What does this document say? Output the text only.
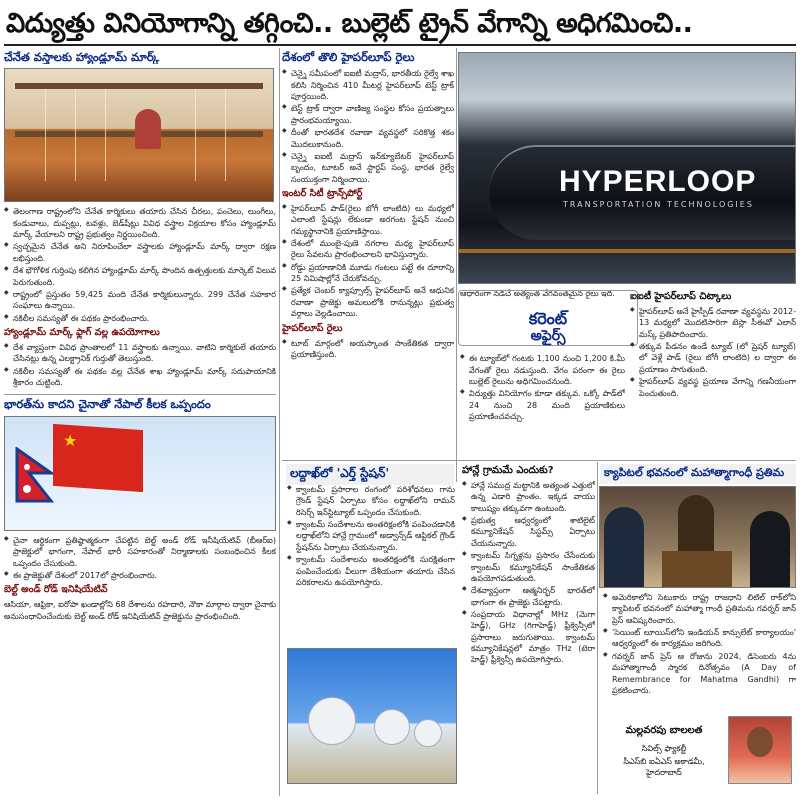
విద్యుత్తు వినియోగాన్ని తగ్గించి.. బుల్లెట్ ట్రైన్ వేగాన్ని అధిగమించి..
చేనేత వస్త్రాలకు హ్యాండ్లూమ్ మార్క్
◆ తెలంగాణ రాష్ట్రంలోని చేనేత కార్మికులు తయారు చేసిన చీరలు, పంచెలు, లుంగీలు, కండువాలు, దుప్పట్లు, టవళ్లు, బెడ్‌షీట్లు వివిధ వస్త్రాల విక్రయాల కోసం హ్యాండ్లూమ్ మార్క్ వేయాలని రాష్ట్ర ప్రభుత్వం నిర్ణయించింది.
◆ స్వచ్ఛమైన చేనేత అని నిరూపించేలా వస్త్రాలకు హ్యాండ్లూమ్ మార్క్ ద్వారా రక్షణ లభిస్తుంది.
◆ దేశ భౌగోళిక గుర్తింపు కలిగిన హ్యాండ్లూమ్ మార్క్ పొందిన ఉత్పత్తులకు మార్కెట్ విలువ పెరుగుతుంది.
◆ రాష్ట్రంలో ప్రస్తుతం 59,425 మంది చేనేత కార్మికులున్నారు. 299 చేనేత సహకార సంఘాలు ఉన్నాయి.
◆ నకిలీల సమస్యతో ఈ పథకం ప్రారంభించారు.
హ్యాండ్లూమ్ మార్క్ ఫ్లాగ్ వల్ల ఉపయోగాలు
◆ దేశ వ్యాప్తంగా వివిధ ప్రాంతాలలో 11 వస్త్రాలకు ఉన్నాయి. వాటిని కార్మికులే తయారు చేసినట్లు ఉన్న ఎలక్ట్రానిక్ గుర్తుతో తెలుస్తుంది.
◆ నకిలీల సమస్యతో ఈ పథకం వల్ల చేనేత శాఖ హ్యాండ్లూమ్ మార్క్ సదుపాయానికి శ్రీకారం చుట్టింది.
భారత్‌ను కాదని చైనాతో నేపాల్ కీలక ఒప్పందం
★
◆ చైనా ఆర్థికంగా ప్రతిష్ఠాత్మకంగా చేపట్టిన బెల్ట్ అండ్ రోడ్ ఇనీషియేటివ్ (బీఆర్ఐ) ప్రాజెక్టులో భాగంగా, నేపాల్ భారీ సహకారంతో నిర్మాణాలకు సంబంధించిన కీలక ఒప్పందం చేసుకుంది.
◆ ఈ ప్రాజెక్టుతో దేశంలో 2017లో ప్రారంభించారు.
బెల్ట్ అండ్ రోడ్ ఇనిషియేటివ్
ఆసియా, ఆఫ్రికా, ఐరోపా ఖండాల్లోని 68 దేశాలను రహదారి, నౌకా మార్గాల ద్వారా చైనాకు అనుసంధానించేందుకు బెల్ట్ అండ్ రోడ్ ఇనిషియేటివ్ ప్రాజెక్టును ప్రారంభించింది.
దేశంలో తొలి హైపర్‌లూప్ రైలు
◆ చెన్నై సమీపంలో ఐఐటీ మద్రాస్, భారతీయ రైల్వే శాఖ కలిసి నిర్మించిన 410 మీటర్ల హైపర్‌లూప్ టెస్ట్ ట్రాక్ పూర్తయింది.
◆ టెస్ట్ ట్రాక్ ద్వారా వాణిజ్య సంస్థల కోసం ప్రయత్నాలు ప్రారంభమయ్యాయి.
◆ దీంతో భారతదేశ రవాణా వ్యవస్థలో సరికొత్త శకం మొదలుకానుంది.
◆ చెన్నై ఐఐటీ మద్రాస్ ఇన్‌క్యూబేటర్ హైపర్‌లూప్ బృందం, టూటర్ అనే స్టార్టప్ సంస్థ, భారత రైల్వే సంయుక్తంగా నిర్మించాయి.
ఇంటర్ సిటీ ట్రాన్స్‌పోర్ట్
◆ హైపర్‌లూప్ పాడ్‌(రైలు బోగీ లాంటిది) లు మధ్యలో ఎలాంటి స్టేషన్లు లేకుండా అరగంట స్టేషన్ నుంచి గమ్యస్థానానికి ప్రయాణిస్తాయి.
◆ దేశంలో ముంబై-పుణె నగరాల మధ్య హైపర్‌లూప్ రైలు సేవలను ప్రారంభించాలని భావిస్తున్నారు.
◆ రోడ్డు ప్రయాణానికి మూడు గంటలు పట్టే ఈ దూరాన్ని 25 నిమిషాల్లోనే చేరుకోవచ్చు.
◆ ప్రత్యేక చెంబర్ క్యాప్సూల్స్ హైపర్‌లూప్‌ అనే ఆధునిక రవాణా ప్రాజెక్టు అమలులోకి రానున్నట్లు ప్రభుత్వ వర్గాలు వెల్లడించాయి.
హైపర్‌లూప్ రైలు
◆ టూబ్ మార్గంలో అయస్కాంత సాంకేతికత ద్వారా ప్రయాణిస్తుంది.
HYPERLOOP
TRANSPORTATION TECHNOLOGIES
ఆధారంగా నడిచే అత్యంత వేగవంతమైన రైలు ఇది.
◆ ఈ ట్యూబ్‌లో గంటకు 1,100 నుంచి 1,200 కి.మీ వేగంతో రైలు నడుస్తుంది. వేగం పరంగా ఈ రైలు బుల్లెట్ రైలును అధిగమించనుంది.
◆ విద్యుత్తు వినియోగం కూడా తక్కువ. ఒక్కో పాడ్‌లో 24 నుంచి 28 మంది ప్రయాణికులు ప్రయాణించవచ్చు.
కరెంట్
అఫైర్స్
ఐఐటీ హైపర్‌లూప్ చిట్కాలు
◆ హైపర్‌లూప్ అనే హైస్పీడ్ రవాణా వ్యవస్థను 2012-13 మధ్యలో మొదటిసారిగా టెస్లా సీఈవో ఎలాన్ మస్క్ ప్రతిపాదించారు.
◆ తక్కువ పీడనం ఉండే ట్యూబ్ (లో ప్రెషర్ ట్యూబ్) లో వెళ్లే పాడ్ (రైలు బోగీ లాంటిది) ల ద్వారా ఈ ప్రయాణం సాగుతుంది.
◆ హైపర్‌లూప్ వ్యవస్థ ప్రయాణ వేగాన్ని గణనీయంగా పెంచుతుంది.
లద్దాఖ్‌లో 'ఎర్త్ స్టేషన్'
◆ క్వాంటమ్ ప్రసారాల రంగంలో పరిశోధనలు గాను గ్రౌండ్ స్టేషన్ ఏర్పాటు కోసం లద్దాఖ్‌లోని రామన్ రిసెర్చ్ ఇన్‌స్టిట్యూట్ ఒప్పందం చేసుకుంది.
◆ క్వాంటమ్ సందేశాలను అంతరిక్షంలోకి పంపించడానికి లద్దాఖ్‌లోని హాన్లే గ్రామంలో అడ్వాన్స్‌డ్ ఆప్టికల్ గ్రౌండ్ స్టేషన్‌ను ఏర్పాటు చేయనున్నారు.
◆ క్వాంటమ్ సందేశాలను అంతరిక్షంలోకి సురక్షితంగా పంపించేందుకు వీలుగా దేశీయంగా తయారు చేసిన పరికరాలను ఉపయోగిస్తారు.
హాన్లే గ్రామమే ఎందుకు?
◆ హాన్లే సముద్ర మట్టానికి అత్యంత ఎత్తులో ఉన్న ఎడారి ప్రాంతం. ఇక్కడ వాయు కాలుష్యం తక్కువగా ఉంటుంది.
◆ ప్రభుత్వ ఆధ్వర్యంలో శాటిలైట్ కమ్యూనికేషన్ సిస్టమ్స్ ఏర్పాటు చేయనున్నారు.
◆ క్వాంటమ్ సిగ్నళ్లను ప్రసారం చేసేందుకు క్వాంటమ్ కమ్యూనికేషన్ సాంకేతికత ఉపయోగపడుతుంది.
◆ దేశవ్యాప్తంగా ఆత్మనిర్భర్ భారత్‌లో భాగంగా ఈ ప్రాజెక్టు చేపట్టారు.
◆ సంప్రదాయ విధానాల్లో MHz (మెగా హెడ్జ్), GHz (గిగాహెడ్జ్) ఫ్రీక్వెన్సీలో ప్రసారాలు జరుగుతాయి. క్వాంటమ్ కమ్యూనికేషన్లలో మాత్రం THz (టెరా హెడ్జ్) ఫ్రీక్వెన్సీ ఉపయోగిస్తారు.
క్యాపిటల్ భవనంలో మహాత్మాగాంధీ ప్రతిమ
◆ అమెరికాలోని సెటుకారు రాష్ట్ర రాజధాని లిటిల్ రాక్‌లోని క్యాపిటల్ భవనంలో మహాత్మా గాంధీ ప్రతిమను గవర్నర్ జాన్ ప్రెస్ ఆవిష్కరించారు.
◆ 'సెయింట్ లూయిస్‌లోని ఇండియన్ కాన్సులేట్ కార్యాలయం' ఆధ్వర్యంలో ఈ కార్యక్రమం జరిగింది.
◆ గవర్నర్ జాన్ ప్రెస్ ఆ రోజును 2024, డిసెంబరు 4ను మహాత్మాగాంధీ స్మారక దినోత్సవం (A Day of Remembrance for Mahatma Gandhi) గా ప్రకటించారు.
మల్లవరపు బాలలత
సివిల్స్ ఫ్యాకల్టీ
సీఎస్‌బి ఐఏఎస్ అకాడమీ, హైదరాబాద్
